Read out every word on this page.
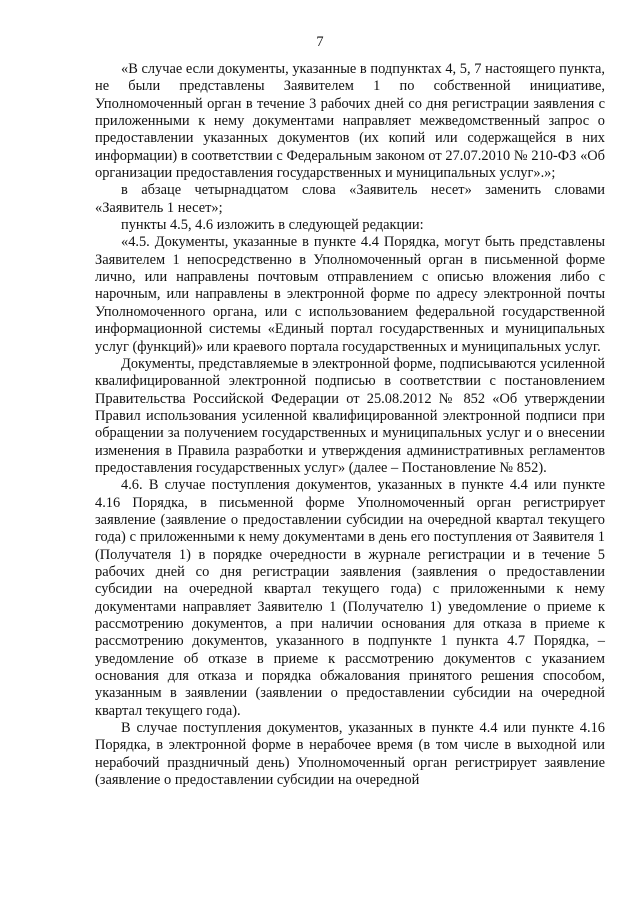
7

«В случае если документы, указанные в подпунктах 4, 5, 7 настоящего пункта, не были представлены Заявителем 1 по собственной инициативе, Уполномоченный орган в течение 3 рабочих дней со дня регистрации заявления с приложенными к нему документами направляет межведомственный запрос о предоставлении указанных документов (их копий или содержащейся в них информации) в соответствии с Федеральным законом от 27.07.2010 № 210-ФЗ «Об организации предоставления государственных и муниципальных услуг».»;

в абзаце четырнадцатом слова «Заявитель несет» заменить словами «Заявитель 1 несет»;

пункты 4.5, 4.6 изложить в следующей редакции:

«4.5. Документы, указанные в пункте 4.4 Порядка, могут быть представлены Заявителем 1 непосредственно в Уполномоченный орган в письменной форме лично, или направлены почтовым отправлением с описью вложения либо с нарочным, или направлены в электронной форме по адресу электронной почты Уполномоченного органа, или с использованием федеральной государственной информационной системы «Единый портал государственных и муниципальных услуг (функций)» или краевого портала государственных и муниципальных услуг.

Документы, представляемые в электронной форме, подписываются усиленной квалифицированной электронной подписью в соответствии с постановлением Правительства Российской Федерации от 25.08.2012 № 852 «Об утверждении Правил использования усиленной квалифицированной электронной подписи при обращении за получением государственных и муниципальных услуг и о внесении изменения в Правила разработки и утверждения административных регламентов предоставления государственных услуг» (далее – Постановление № 852).

4.6. В случае поступления документов, указанных в пункте 4.4 или пункте 4.16 Порядка, в письменной форме Уполномоченный орган регистрирует заявление (заявление о предоставлении субсидии на очередной квартал текущего года) с приложенными к нему документами в день его поступления от Заявителя 1 (Получателя 1) в порядке очередности в журнале регистрации и в течение 5 рабочих дней со дня регистрации заявления (заявления о предоставлении субсидии на очередной квартал текущего года) с приложенными к нему документами направляет Заявителю 1 (Получателю 1) уведомление о приеме к рассмотрению документов, а при наличии основания для отказа в приеме к рассмотрению документов, указанного в подпункте 1 пункта 4.7 Порядка, – уведомление об отказе в приеме к рассмотрению документов с указанием основания для отказа и порядка обжалования принятого решения способом, указанным в заявлении (заявлении о предоставлении субсидии на очередной квартал текущего года).

В случае поступления документов, указанных в пункте 4.4 или пункте 4.16 Порядка, в электронной форме в нерабочее время (в том числе в выходной или нерабочий праздничный день) Уполномоченный орган регистрирует заявление (заявление о предоставлении субсидии на очередной
